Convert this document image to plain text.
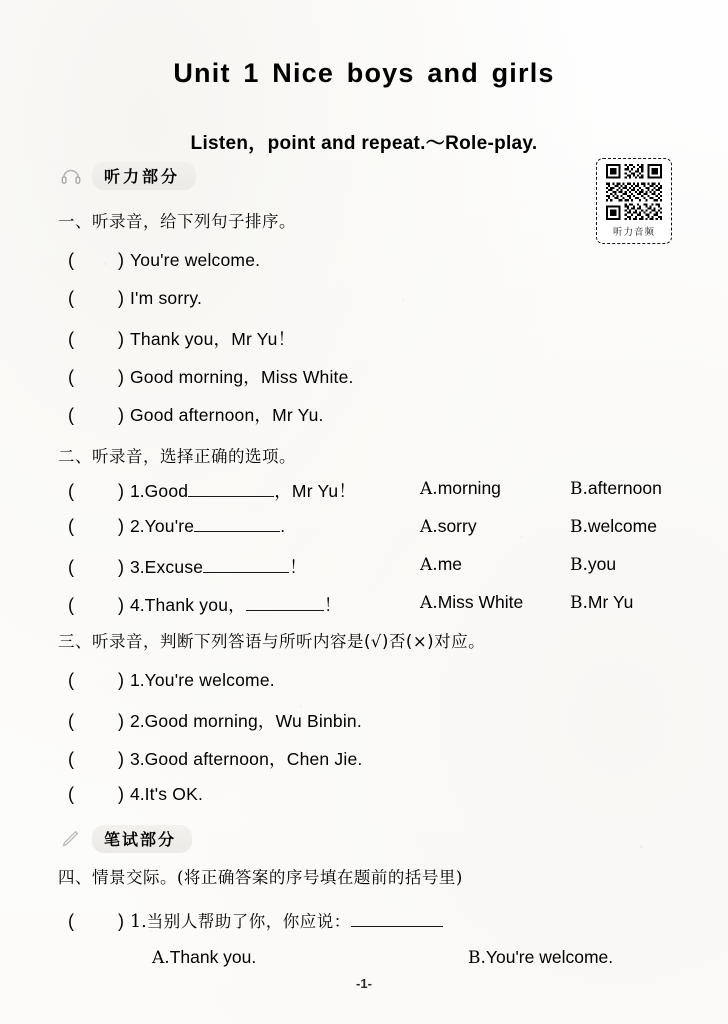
Unit 1 Nice boys and girls
Listen，point and repeat.～Role-play.
听力音频
听力部分
一、听录音，给下列句子排序。
( ) You're welcome.
( ) I'm sorry.
( ) Thank you，Mr Yu！
( ) Good morning，Miss White.
( ) Good afternoon，Mr Yu.
二、听录音，选择正确的选项。
( ) 1. Good	，Mr Yu！	A.morning	B.afternoon
( ) 2. You're	.	A.sorry	B.welcome
( ) 3. Excuse	！	A.me	B.you
( ) 4. Thank you，	！	A.Miss White	B.Mr Yu
三、听录音，判断下列答语与所听内容是(√)否(×)对应。
( ) 1. You're welcome.
( ) 2. Good morning，Wu Binbin.
( ) 3. Good afternoon，Chen Jie.
( ) 4. It's OK.
笔试部分
四、情景交际。(将正确答案的序号填在题前的括号里)
( ) 1. 当别人帮助了你，你应说：
A.Thank you.	B.You're welcome.
-1-
